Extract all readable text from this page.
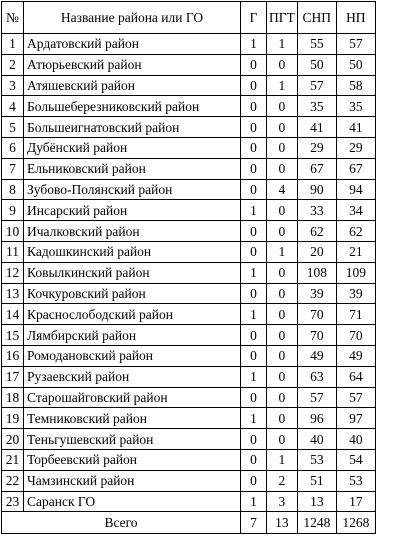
№	Название района или ГО	Г	ПГТ	СНП	НП
1	Ардатовский район	1	1	55	57
2	Атюрьевский район	0	0	50	50
3	Атяшевский район	0	1	57	58
4	Большеберезниковский район	0	0	35	35
5	Большеигнатовский район	0	0	41	41
6	Дубёнский район	0	0	29	29
7	Ельниковский район	0	0	67	67
8	Зубово-Полянский район	0	4	90	94
9	Инсарский район	1	0	33	34
10	Ичалковский район	0	0	62	62
11	Кадошкинский район	0	1	20	21
12	Ковылкинский район	1	0	108	109
13	Кочкуровский район	0	0	39	39
14	Краснослободский район	1	0	70	71
15	Лямбирский район	0	0	70	70
16	Ромодановский район	0	0	49	49
17	Рузаевский район	1	0	63	64
18	Старошайговский район	0	0	57	57
19	Темниковский район	1	0	96	97
20	Теньгушевский район	0	0	40	40
21	Торбеевский район	0	1	53	54
22	Чамзинский район	0	2	51	53
23	Саранск ГО	1	3	13	17
Всего		7	13	1248	1268
